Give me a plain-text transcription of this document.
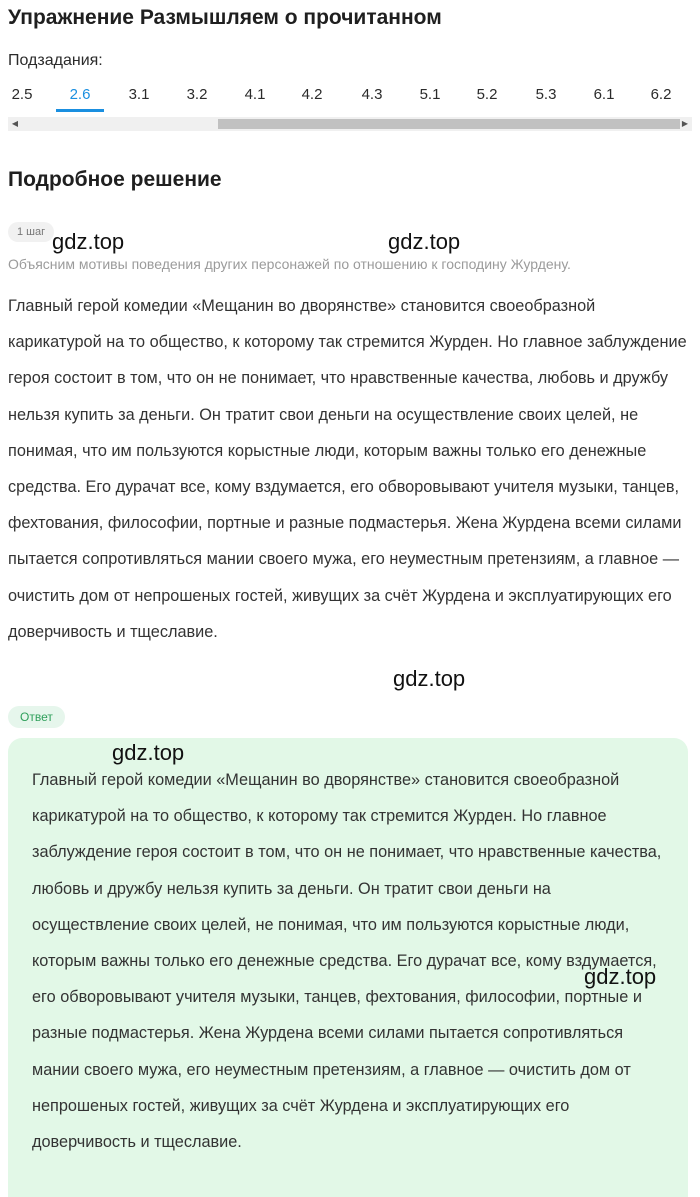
Упражнение Размышляем о прочитанном
Подзадания:
2.5	2.6	3.1	3.2	4.1	4.2	4.3	5.1	5.2	5.3	6.1	6.2
◀	▶
Подробное решение
1 шаг gdz.top	gdz.top
Объясним мотивы поведения других персонажей по отношению к господину Журдену.

Главный герой комедии «Мещанин во дворянстве» становится своеобразной карикатурой на то общество, к которому так стремится Журден. Но главное заблуждение героя состоит в том, что он не понимает, что нравственные качества, любовь и дружбу нельзя купить за деньги. Он тратит свои деньги на осуществление своих целей, не понимая, что им пользуются корыстные люди, которым важны только его денежные средства. Его дурачат все, кому вздумается, его обворовывают учителя музыки, танцев, фехтования, философии, портные и разные подмастерья. Жена Журдена всеми силами пытается сопротивляться мании своего мужа, его неуместным претензиям, а главное — очистить дом от непрошеных гостей, живущих за счёт Журдена и эксплуатирующих его доверчивость и тщеславие.

gdz.top
Ответ

Главный герой комедии «Мещанин во дворянстве» становится своеобразной карикатурой на то общество, к которому так стремится Журден. Но главное заблуждение героя состоит в том, что он не понимает, что нравственные качества, любовь и дружбу нельзя купить за деньги. Он тратит свои деньги на осуществление своих целей, не понимая, что им пользуются корыстные люди, которым важны только его денежные средства. Его дурачат все, кому вздумается, его обворовывают учителя музыки, танцев, фехтования, философии, портные и разные подмастерья. Жена Журдена всеми силами пытается сопротивляться мании своего мужа, его неуместным претензиям, а главное — очистить дом от непрошеных гостей, живущих за счёт Журдена и эксплуатирующих его доверчивость и тщеславие.

gdz.top
gdz.top
